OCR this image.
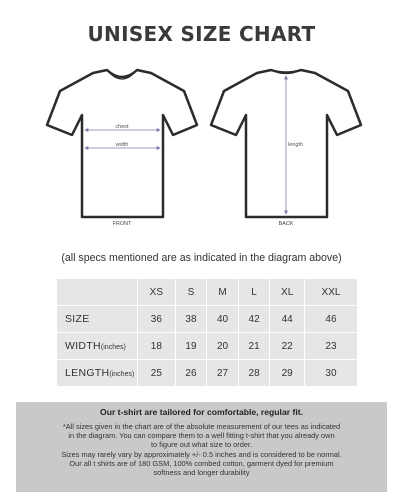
UNISEX SIZE CHART
chest
width
FRONT
length
BACK
(all specs mentioned are as indicated in the diagram above)
	XS	S	M	L	XL	XXL
SIZE	36	38	40	42	44	46
WIDTH(inches)	18	19	20	21	22	23
LENGTH(inches)	25	26	27	28	29	30
Our t-shirt are tailored for comfortable, regular fit.

*All sizes given in the chart are of the absolute measurement of our tees as indicated
in the diagram. You can compare them to a well fitting t-shirt that you already own
to figure out what size to order.
Sizes may rarely vary by approximately +/- 0.5 inches and is considered to be normal.
Our all t shirts are of 180 GSM, 100% combed cotton, garment dyed for premium
softness and longer durability
